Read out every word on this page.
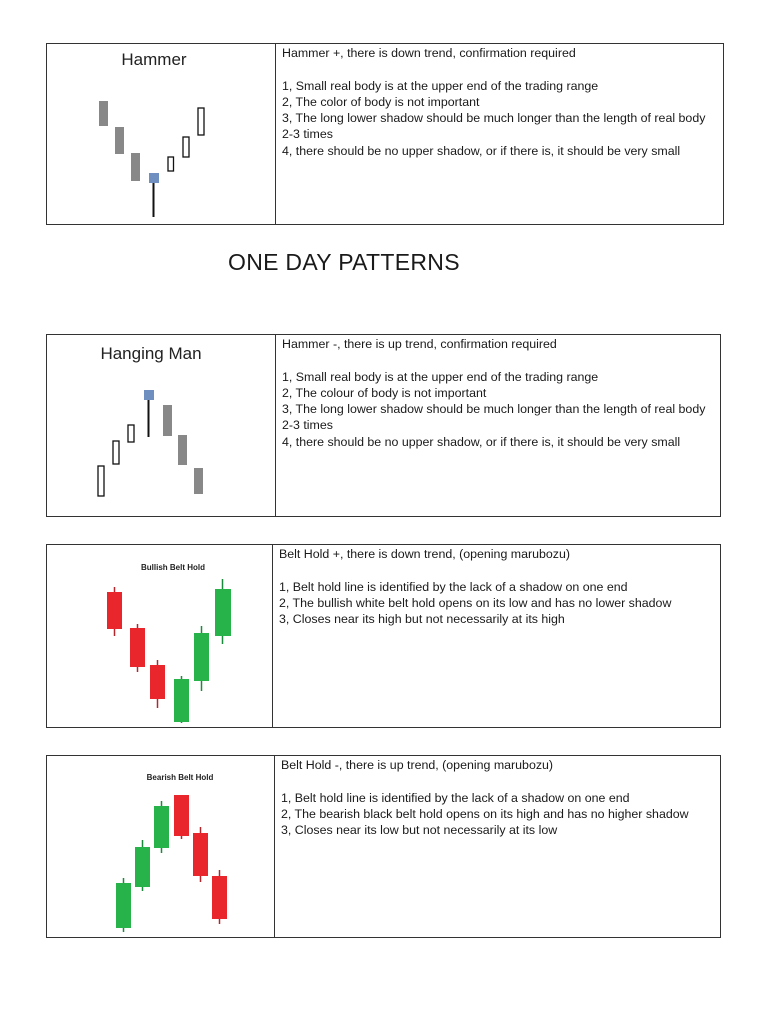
Hammer	Hammer +, there is down trend, confirmation required
1, Small real body is at the upper end of the trading range
2, The color of body is not important
3, The long lower shadow should be much longer than the length of real body 2-3 times
4, there should be no upper shadow, or if there is, it should be very small
ONE DAY PATTERNS
Hanging Man	Hammer -, there is up trend, confirmation required
1, Small real body is at the upper end of the trading range
2, The colour of body is not important
3, The long lower shadow should be much longer than the length of real body 2-3 times
4, there should be no upper shadow, or if there is, it should be very small
Bullish Belt Hold
Belt Hold +, there is down trend, (opening marubozu)
1, Belt hold line is identified by the lack of a shadow on one end
2, The bullish white belt hold opens on its low and has no lower shadow
3, Closes near its high but not necessarily at its high
Bearish Belt Hold
Belt Hold -, there is up trend, (opening marubozu)
1, Belt hold line is identified by the lack of a shadow on one end
2, The bearish black belt hold opens on its high and has no higher shadow
3, Closes near its low but not necessarily at its low
